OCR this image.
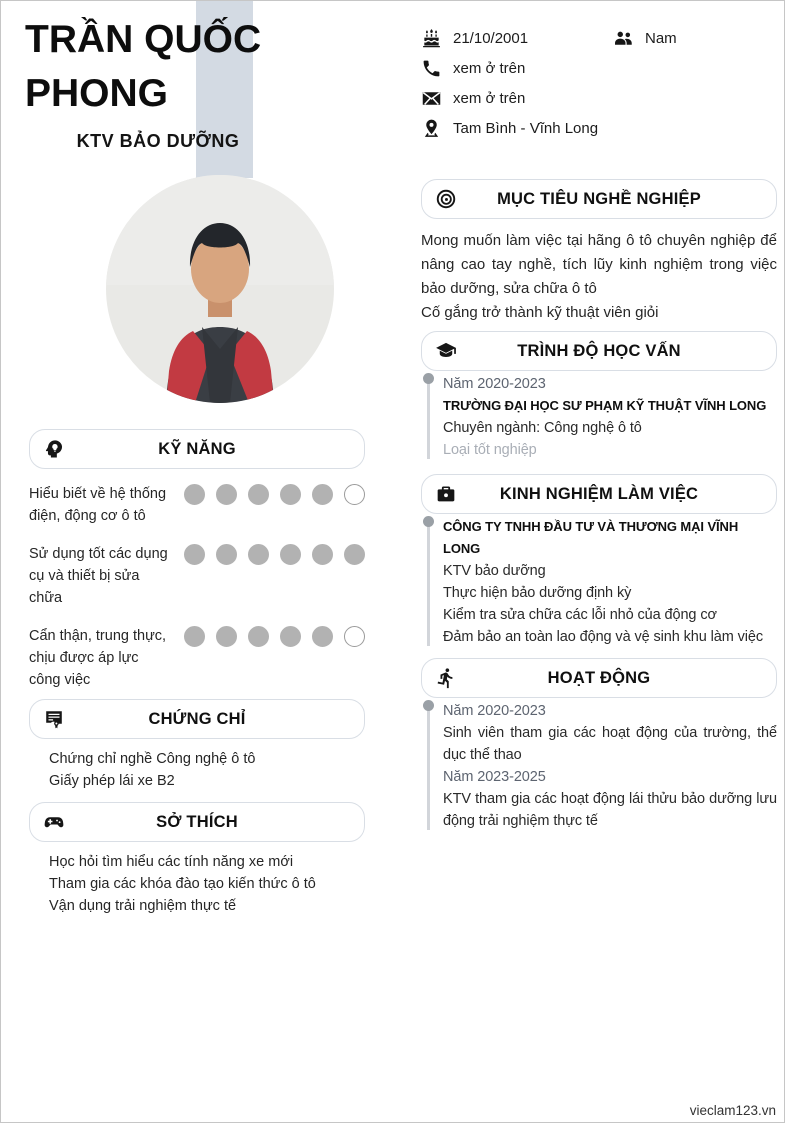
TRẦN QUỐC PHONG
KTV BẢO DƯỠNG
21/10/2001	Nam
xem ở trên
xem ở trên
Tam Bình - Vĩnh Long
MỤC TIÊU NGHỀ NGHIỆP
Mong muốn làm việc tại hãng ô tô chuyên nghiệp để nâng cao tay nghề, tích lũy kinh nghiệm trong việc bảo dưỡng, sửa chữa ô tô
Cố gắng trở thành kỹ thuật viên giỏi
TRÌNH ĐỘ HỌC VẤN
Năm 2020-2023
TRƯỜNG ĐẠI HỌC SƯ PHẠM KỸ THUẬT VĨNH LONG
Chuyên ngành: Công nghệ ô tô
Loại tốt nghiệp
KINH NGHIỆM LÀM VIỆC
CÔNG TY TNHH ĐẦU TƯ VÀ THƯƠNG MẠI VĨNH LONG
KTV bảo dưỡng
Thực hiện bảo dưỡng định kỳ
Kiểm tra sửa chữa các lỗi nhỏ của động cơ
Đảm bảo an toàn lao động và vệ sinh khu làm việc
HOẠT ĐỘNG
Năm 2020-2023
Sinh viên tham gia các hoạt động của trường, thể dục thể thao
Năm 2023-2025
KTV tham gia các hoạt động lái thửu bảo dưỡng lưu động trải nghiệm thực tế
KỸ NĂNG
Hiểu biết về hệ thống điện, động cơ ô tô
Sử dụng tốt các dụng cụ và thiết bị sửa chữa
Cẩn thận, trung thực, chịu được áp lực công việc
CHỨNG CHỈ
Chứng chỉ nghề Công nghệ ô tô
Giấy phép lái xe B2
SỞ THÍCH
Học hỏi tìm hiểu các tính năng xe mới
Tham gia các khóa đào tạo kiến thức ô tô
Vận dụng trải nghiệm thực tế
vieclam123.vn
